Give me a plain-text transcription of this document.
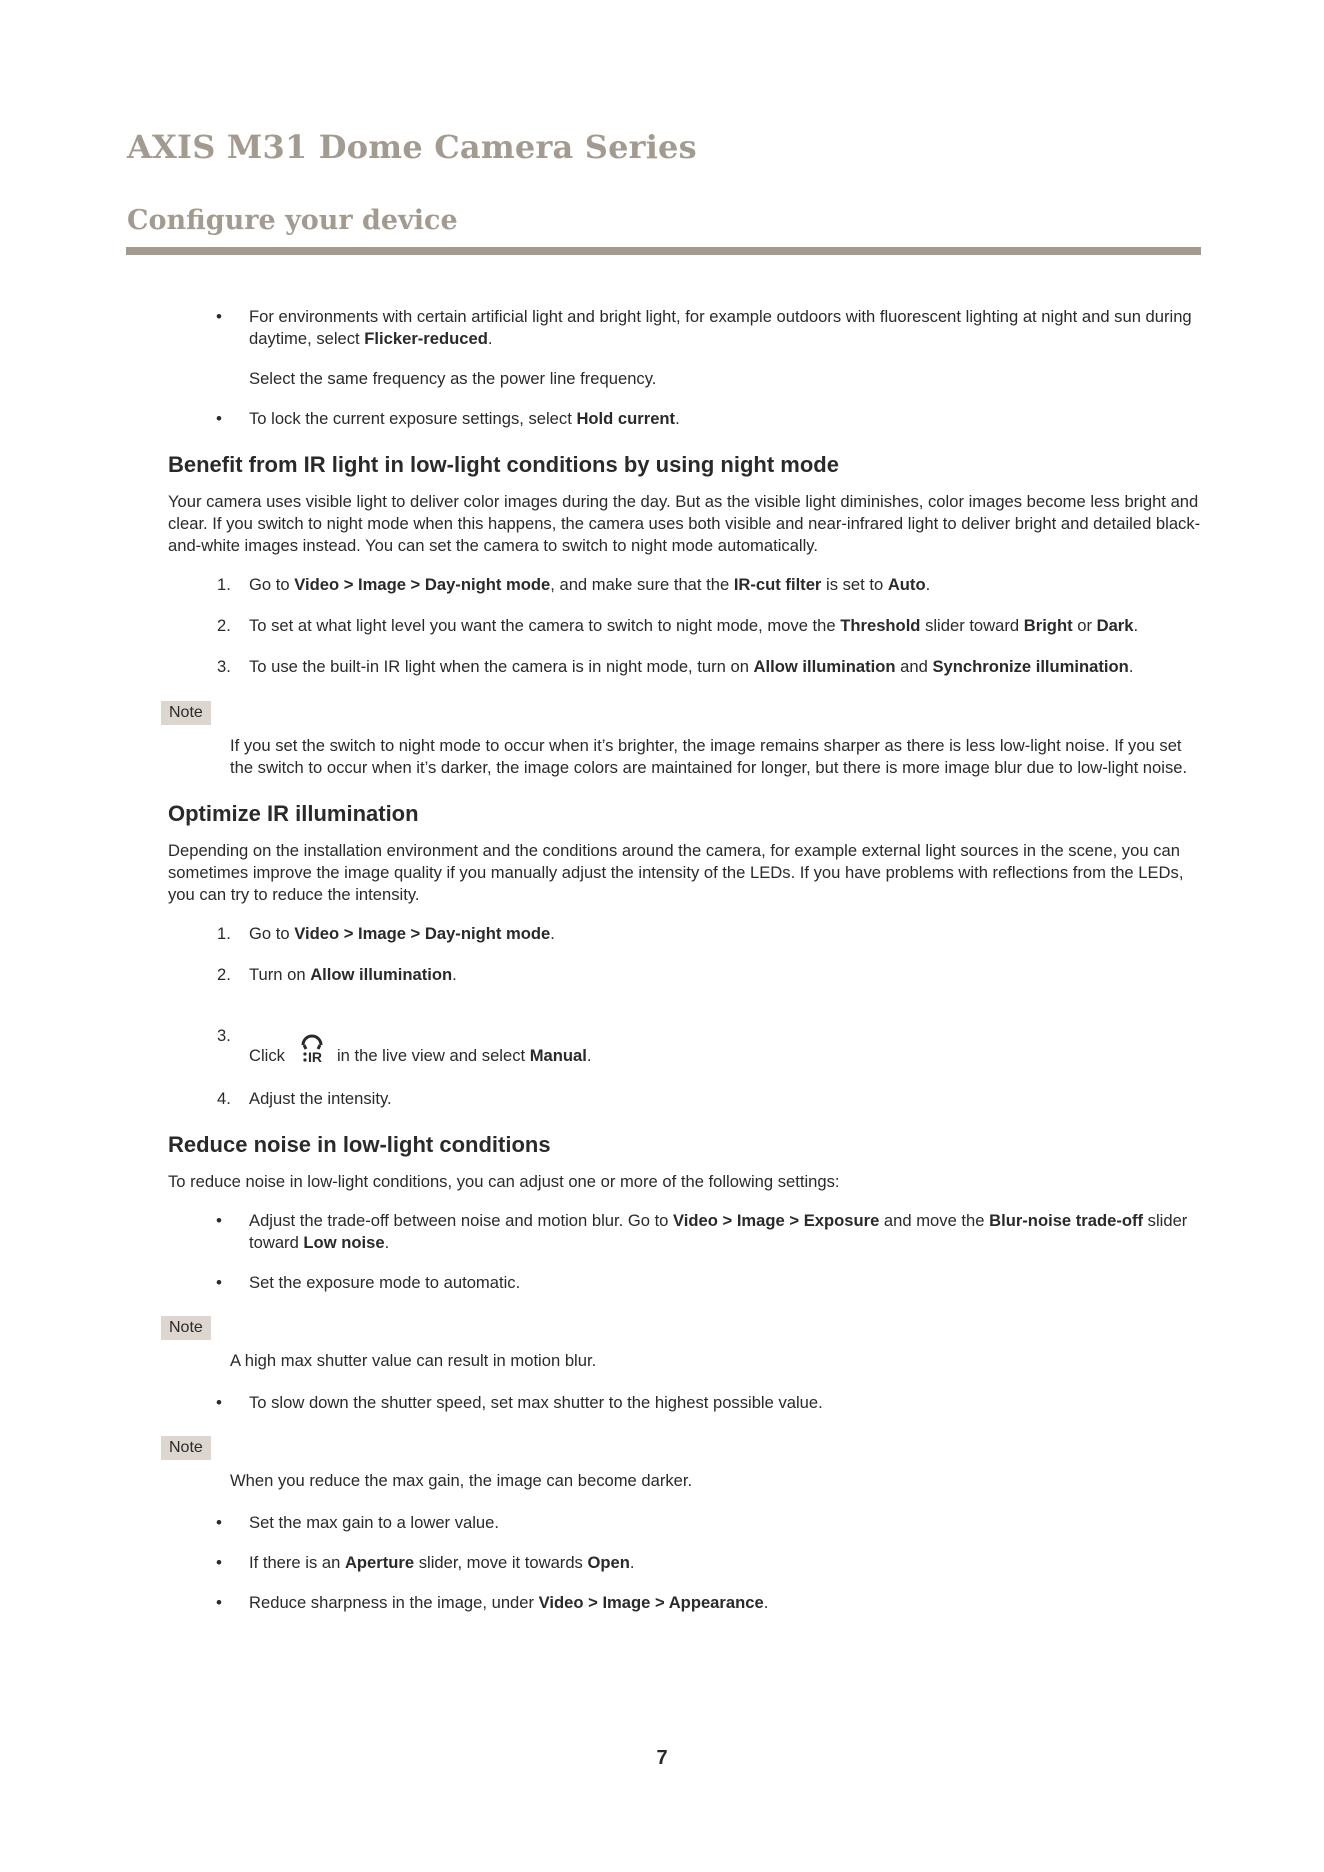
AXIS M31 Dome Camera Series
Configure your device
• For environments with certain artificial light and bright light, for example outdoors with fluorescent lighting at night and sun during daytime, select Flicker-reduced.
Select the same frequency as the power line frequency.
• To lock the current exposure settings, select Hold current.
Benefit from IR light in low-light conditions by using night mode

Your camera uses visible light to deliver color images during the day. But as the visible light diminishes, color images become less bright and clear. If you switch to night mode when this happens, the camera uses both visible and near-infrared light to deliver bright and detailed black-and-white images instead. You can set the camera to switch to night mode automatically.

1. Go to Video > Image > Day-night mode, and make sure that the IR-cut filter is set to Auto.
2. To set at what light level you want the camera to switch to night mode, move the Threshold slider toward Bright or Dark.
3. To use the built-in IR light when the camera is in night mode, turn on Allow illumination and Synchronize illumination.
Note

If you set the switch to night mode to occur when it’s brighter, the image remains sharper as there is less low-light noise. If you set the switch to occur when it’s darker, the image colors are maintained for longer, but there is more image blur due to low-light noise.

Optimize IR illumination

Depending on the installation environment and the conditions around the camera, for example external light sources in the scene, you can sometimes improve the image quality if you manually adjust the intensity of the LEDs. If you have problems with reflections from the LEDs, you can try to reduce the intensity.

1. Go to Video > Image > Day-night mode.
2. Turn on Allow illumination.
3.
Click IR in the live view and select Manual.
4. Adjust the intensity.
Reduce noise in low-light conditions

To reduce noise in low-light conditions, you can adjust one or more of the following settings:

• Adjust the trade-off between noise and motion blur. Go to Video > Image > Exposure and move the Blur-noise trade-off slider toward Low noise.
• Set the exposure mode to automatic.
Note

A high max shutter value can result in motion blur.

• To slow down the shutter speed, set max shutter to the highest possible value.
Note

When you reduce the max gain, the image can become darker.

• Set the max gain to a lower value.
• If there is an Aperture slider, move it towards Open.
• Reduce sharpness in the image, under Video > Image > Appearance.
7
